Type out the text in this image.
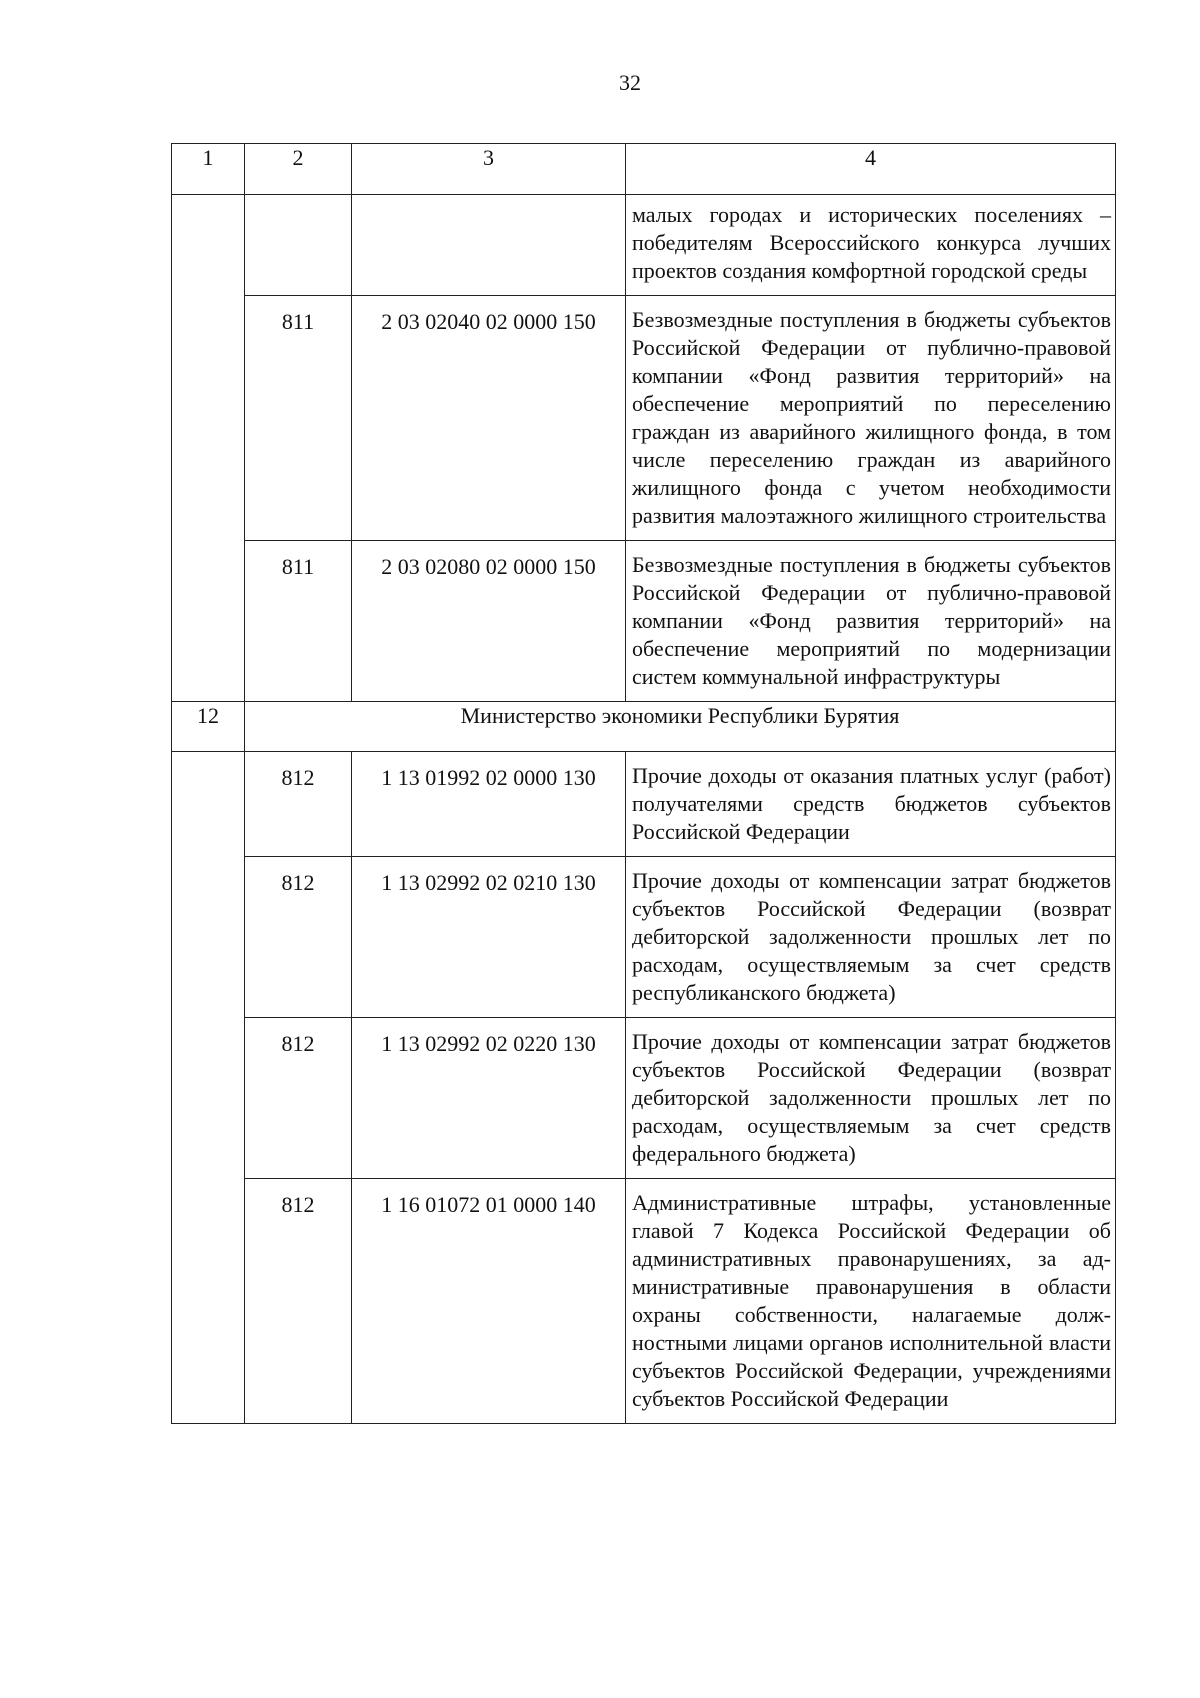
32
1	2	3	4
			малых городах и исторических поселениях – победителям Всероссийского конкурса лучших проектов создания комфортной городской среды
	811	2 03 02040 02 0000 150	Безвозмездные поступления в бюджеты субъектов Российской Федерации от публично-правовой компании «Фонд развития территорий» на обеспечение мероприятий по переселению граждан из аварийного жилищного фонда, в том числе переселению граждан из аварийного жилищного фонда с учетом необходимости развития малоэтажного жилищного строительства
	811	2 03 02080 02 0000 150	Безвозмездные поступления в бюджеты субъектов Российской Федерации от публично-правовой компании «Фонд развития территорий» на обеспечение мероприятий по модернизации систем коммунальной инфраструктуры
12	Министерство экономики Республики Бурятия		
	812	1 13 01992 02 0000 130	Прочие доходы от оказания платных услуг (работ) получателями средств бюджетов субъектов Российской Федерации
	812	1 13 02992 02 0210 130	Прочие доходы от компенсации затрат бюджетов субъектов Российской Федерации (возврат дебиторской задолженности прошлых лет по расходам, осуществляемым за счет средств республиканского бюджета)
	812	1 13 02992 02 0220 130	Прочие доходы от компенсации затрат бюджетов субъектов Российской Федерации (возврат дебиторской задолженности прошлых лет по расходам, осуществляемым за счет средств федерального бюджета)
	812	1 16 01072 01 0000 140	Административные штрафы, установленные главой 7 Кодекса Российской Федерации об административных правонарушениях, за административные правонарушения в области охраны собственности, налагаемые должностными лицами органов исполнительной власти субъектов Российской Федерации, учреждениями субъектов Российской Федерации
